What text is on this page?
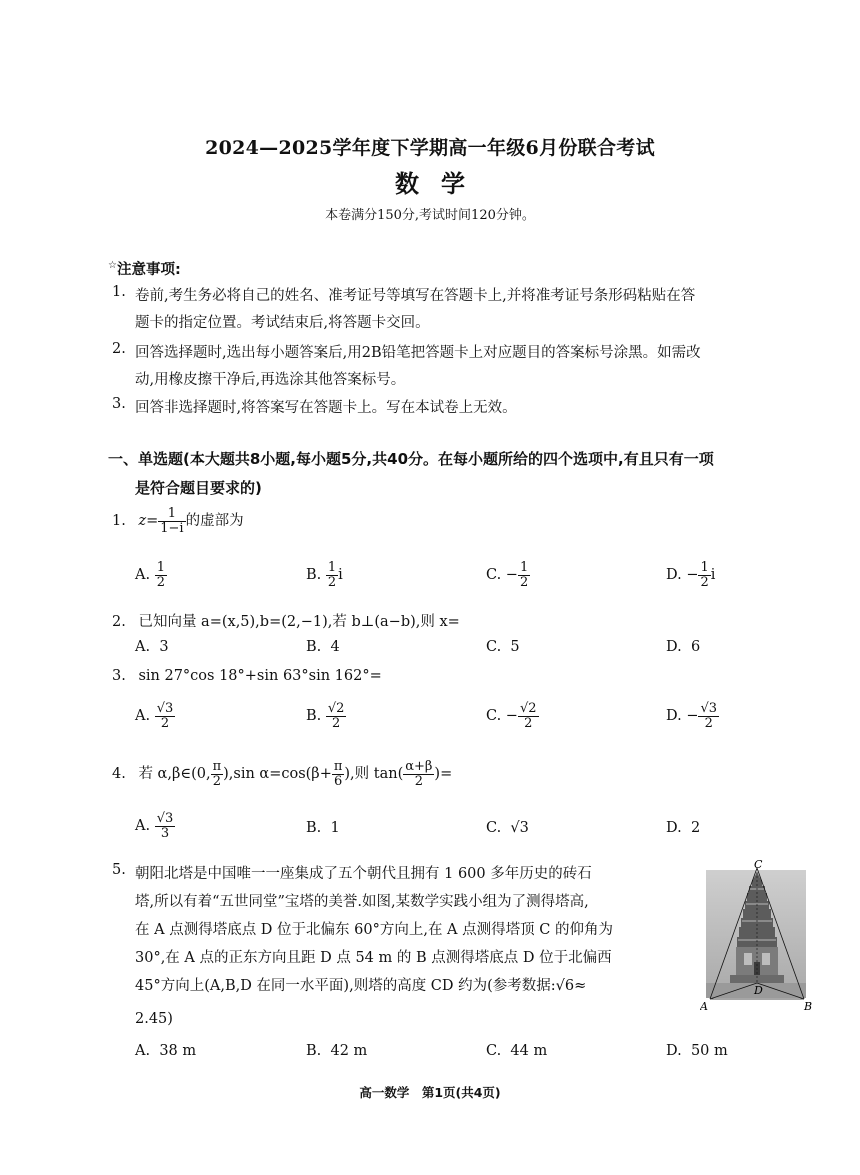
2024—2025学年度下学期高一年级6月份联合考试
数学
本卷满分150分,考试时间120分钟。
☆注意事项:
1. 卷前,考生务必将自己的姓名、准考证号等填写在答题卡上,并将准考证号条形码粘贴在答
题卡的指定位置。考试结束后,将答题卡交回。
2. 回答选择题时,选出每小题答案后,用2B铅笔把答题卡上对应题目的答案标号涂黑。如需改
动,用橡皮擦干净后,再选涂其他答案标号。
3. 回答非选择题时,将答案写在答题卡上。写在本试卷上无效。
一、单选题(本大题共8小题,每小题5分,共40分。在每小题所给的四个选项中,有且只有一项
是符合题目要求的)
1. $z= \frac{1}{1-i}$ 的虚部为
A. $\frac{1}{2}$	B. $\frac{1}{2}$ i	C. − $\frac{1}{2}$	D. − $\frac{1}{2}$ i
2. 已知向量 a=(x,5),b=(2,−1),若 b⊥(a−b),则 x=
A. 3	B. 4	C. 5	D. 6
3. sin 27°cos 18°+sin 63°sin 162°=
A. $\frac{√3}{2}$	B. $\frac{√2}{2}$	C. − $\frac{√2}{2}$	D. − $\frac{√3}{2}$
4. 若 α,β∈(0, $\frac{\pi}{2} ),\sin$ $\alpha=\cos(\beta+ \frac{\pi}{6}$ ),则 $\tan( \frac{\alpha+\beta}{2}$ )=
A. $\frac{√3}{3}$	B. 1	C. √3	D. 2
5. 朝阳北塔是中国唯一一座集成了五个朝代且拥有 1 600 多年历史的砖石
塔,所以有着“五世同堂”宝塔的美誉.如图,某数学实践小组为了测得塔高,
在 A 点测得塔底点 D 位于北偏东 60°方向上,在 A 点测得塔顶 C 的仰角为
30°,在 A 点的正东方向且距 D 点 54 m 的 B 点测得塔底点 D 位于北偏西
45°方向上(A,B,D 在同一水平面),则塔的高度 CD 约为(参考数据:√6≈
2.45)
C
A	B
D
A. 38 m	B. 42 m	C. 44 m	D. 50 m
高一数学　第1页(共4页)
